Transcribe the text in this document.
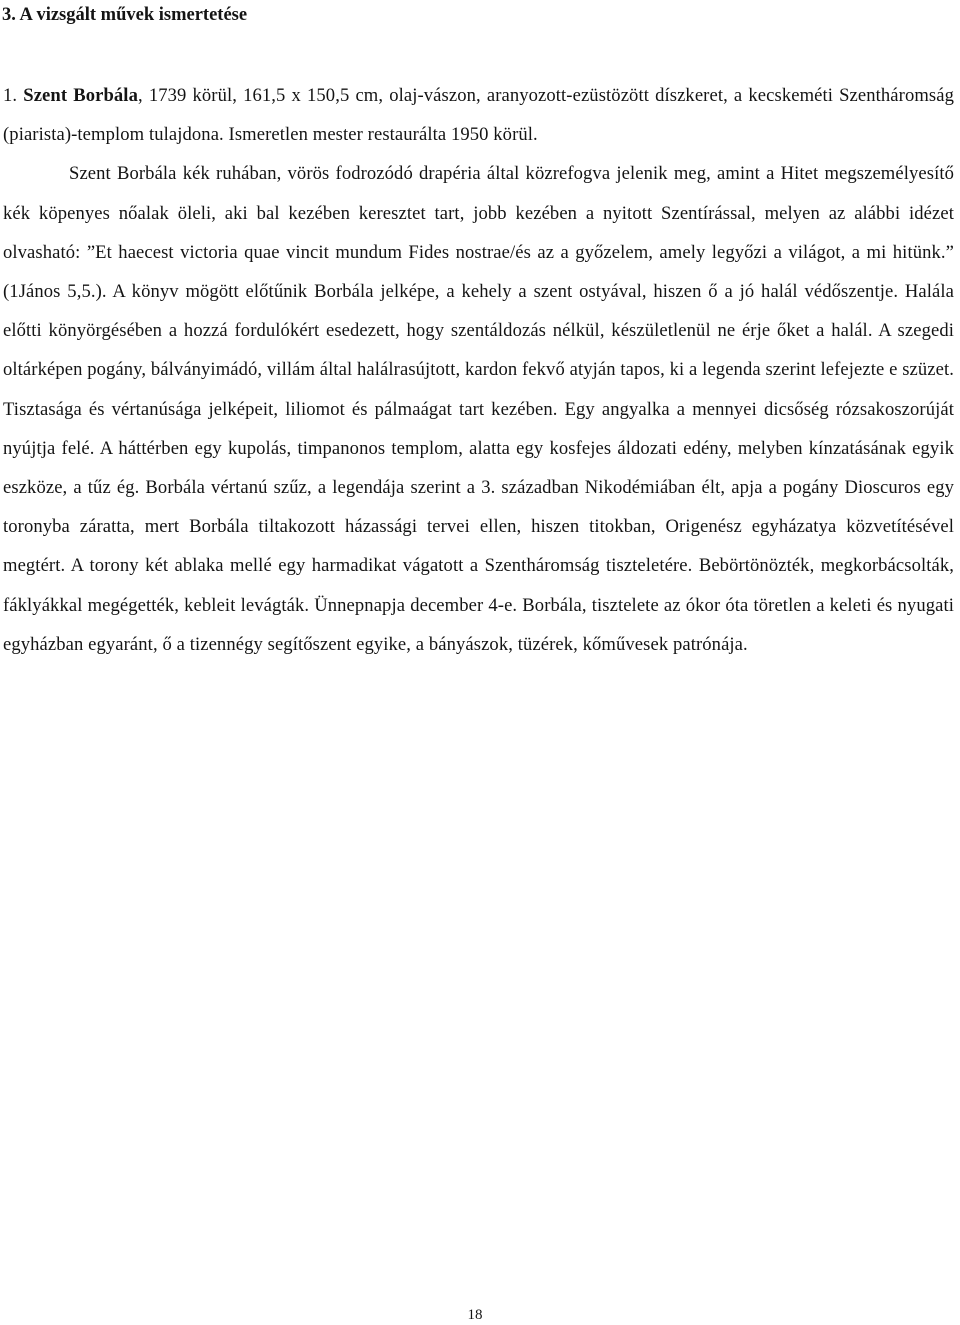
3. A vizsgált művek ismertetése

1. Szent Borbála, 1739 körül, 161,5 x 150,5 cm, olaj-vászon, aranyozott-ezüstözött díszkeret, a kecskeméti Szentháromság (piarista)-templom tulajdona. Ismeretlen mester restaurálta 1950 körül.
Szent Borbála kék ruhában, vörös fodrozódó drapéria által közrefogva jelenik meg, amint a Hitet megszemélyesítő kék köpenyes nőalak öleli, aki bal kezében keresztet tart, jobb kezében a nyitott Szentírással, melyen az alábbi idézet olvasható: ”Et haecest victoria quae vincit mundum Fides nostrae/és az a győzelem, amely legyőzi a világot, a mi hitünk.” (1János 5,5.). A könyv mögött előtűnik Borbála jelképe, a kehely a szent ostyával, hiszen ő a jó halál védőszentje. Halála előtti könyörgésében a hozzá fordulókért esedezett, hogy szentáldozás nélkül, készületlenül ne érje őket a halál. A szegedi oltárképen pogány, bálványimádó, villám által halálrasújtott, kardon fekvő atyján tapos, ki a legenda szerint lefejezte e szüzet. Tisztasága és vértanúsága jelképeit, liliomot és pálmaágat tart kezében. Egy angyalka a mennyei dicsőség rózsakoszorúját nyújtja felé. A háttérben egy kupolás, timpanonos templom, alatta egy kosfejes áldozati edény, melyben kínzatásának egyik eszköze, a tűz ég. Borbála vértanú szűz, a legendája szerint a 3. században Nikodémiában élt, apja a pogány Dioscuros egy toronyba záratta, mert Borbála tiltakozott házassági tervei ellen, hiszen titokban, Origenész egyházatya közvetítésével megtért. A torony két ablaka mellé egy harmadikat vágatott a Szentháromság tiszteletére. Bebörtönözték, megkorbácsolták, fáklyákkal megégették, kebleit levágták. Ünnepnapja december 4-e. Borbála, tisztelete az ókor óta töretlen a keleti és nyugati egyházban egyaránt, ő a tizennégy segítőszent egyike, a bányászok, tüzérek, kőművesek patrónája.

18
